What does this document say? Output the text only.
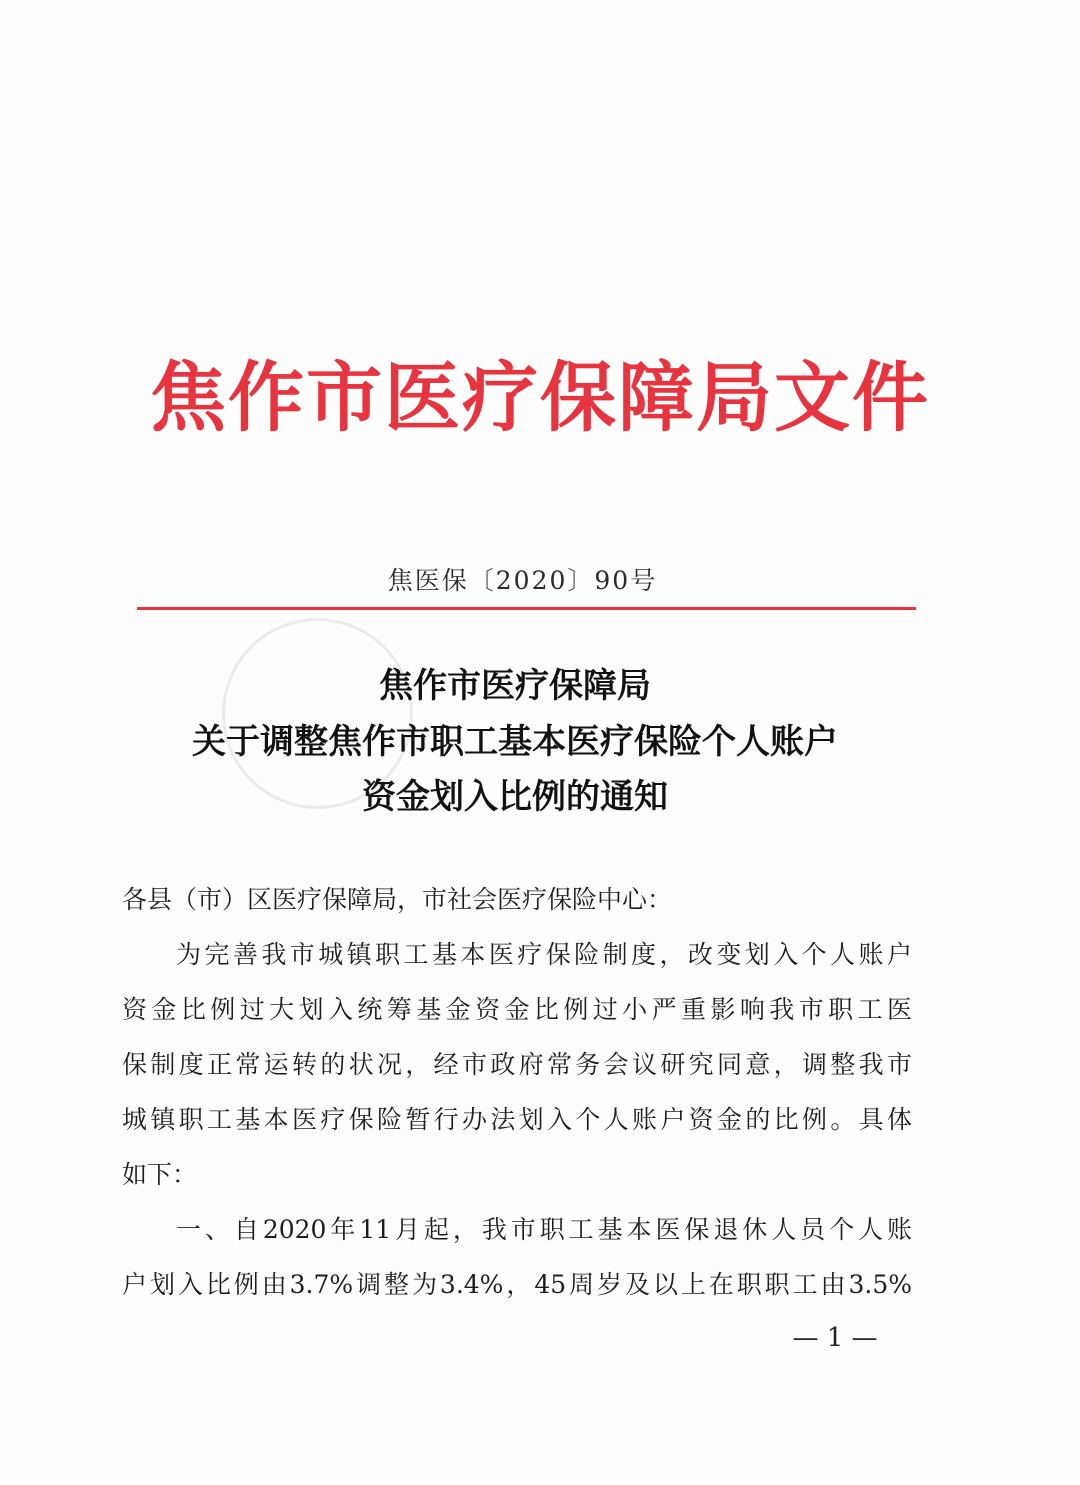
焦作市医疗保障局文件
焦医保〔2020〕90号
焦作市医疗保障局
关于调整焦作市职工基本医疗保险个人账户
资金划入比例的通知
各县（市）区医疗保障局，市社会医疗保险中心：
为完善我市城镇职工基本医疗保险制度，改变划入个人账户
资金比例过大划入统筹基金资金比例过小严重影响我市职工医
保制度正常运转的状况，经市政府常务会议研究同意，调整我市
城镇职工基本医疗保险暂行办法划入个人账户资金的比例。具体
如下：
一、自2020年11月起，我市职工基本医保退休人员个人账
户划入比例由3.7%调整为3.4%，45周岁及以上在职职工由3.5%
— 1 —
